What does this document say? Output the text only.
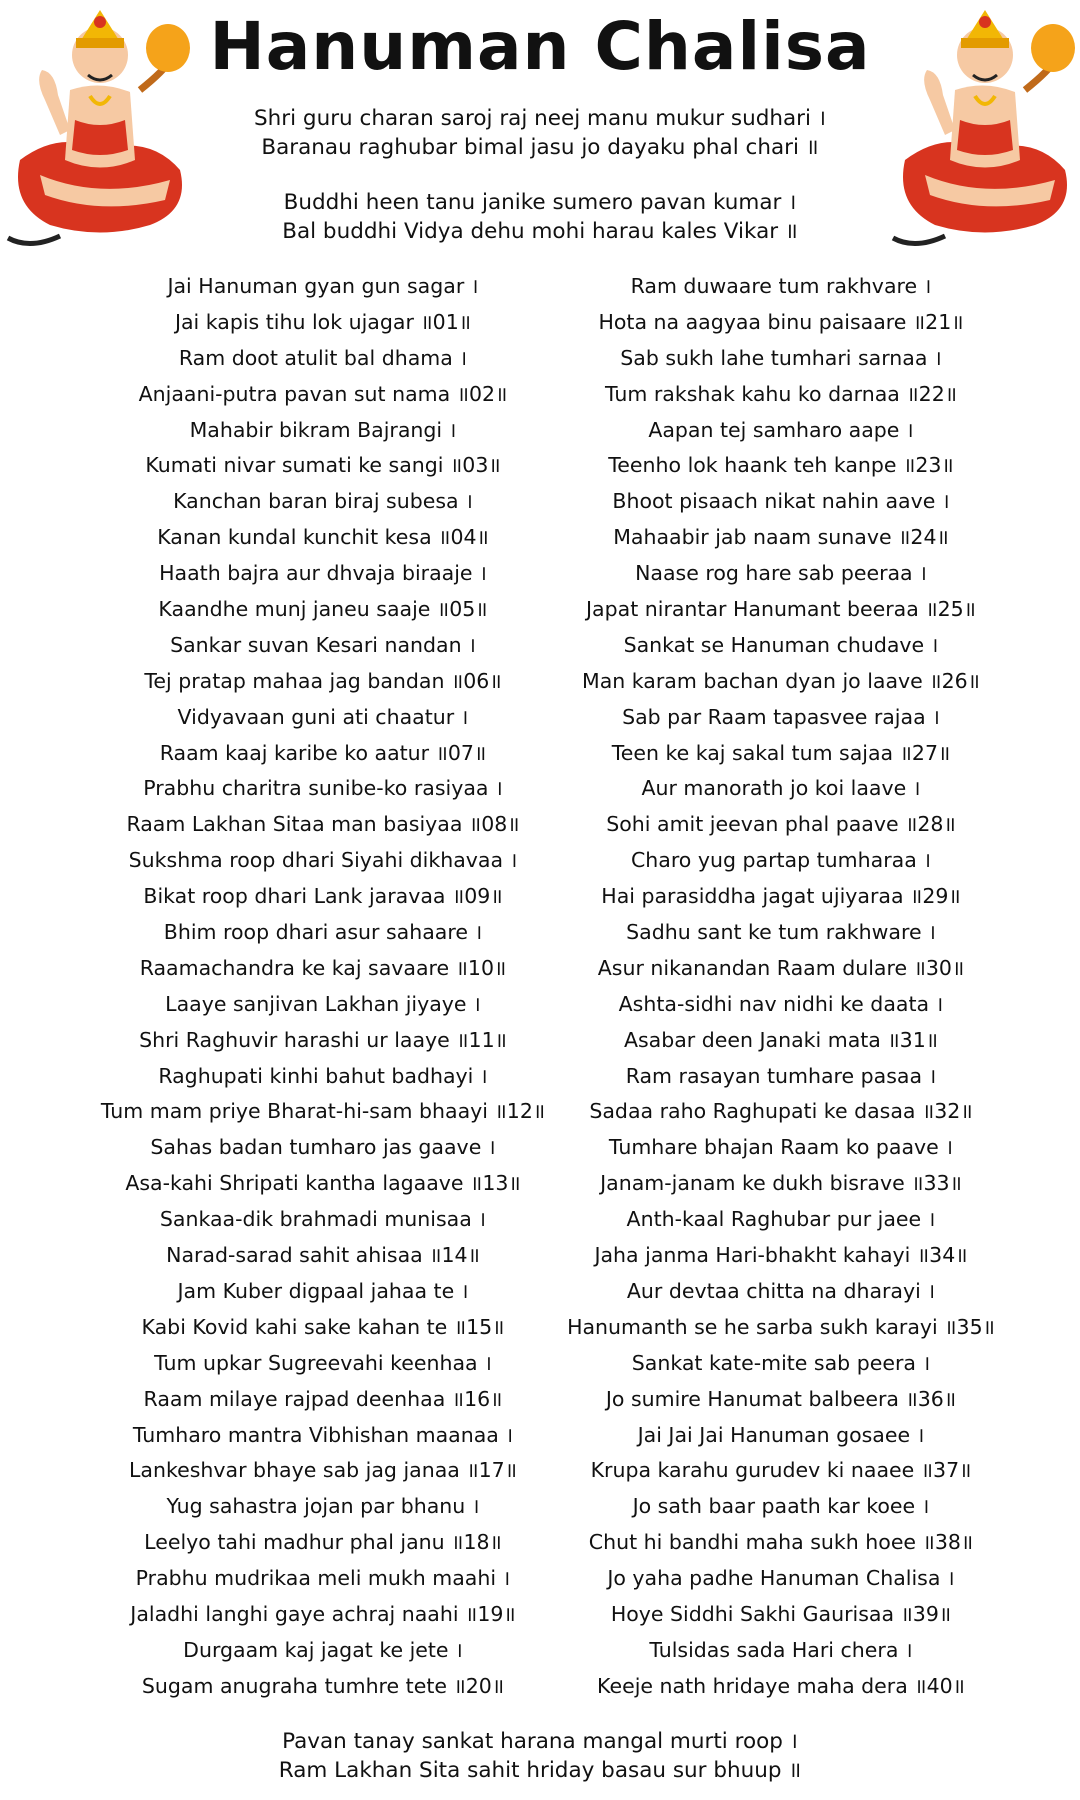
Hanuman Chalisa
Shri guru charan saroj raj neej manu mukur sudhari ।
Baranau raghubar bimal jasu jo dayaku phal chari ॥
Buddhi heen tanu janike sumero pavan kumar ।
Bal buddhi Vidya dehu mohi harau kales Vikar ॥
Jai Hanuman gyan gun sagar ।
Jai kapis tihu lok ujagar ॥01॥
Ram doot atulit bal dhama ।
Anjaani-putra pavan sut nama ॥02॥
Mahabir bikram Bajrangi ।
Kumati nivar sumati ke sangi ॥03॥
Kanchan baran biraj subesa ।
Kanan kundal kunchit kesa ॥04॥
Haath bajra aur dhvaja biraaje ।
Kaandhe munj janeu saaje ॥05॥
Sankar suvan Kesari nandan ।
Tej pratap mahaa jag bandan ॥06॥
Vidyavaan guni ati chaatur ।
Raam kaaj karibe ko aatur ॥07॥
Prabhu charitra sunibe-ko rasiyaa ।
Raam Lakhan Sitaa man basiyaa ॥08॥
Sukshma roop dhari Siyahi dikhavaa ।
Bikat roop dhari Lank jaravaa ॥09॥
Bhim roop dhari asur sahaare ।
Raamachandra ke kaj savaare ॥10॥
Laaye sanjivan Lakhan jiyaye ।
Shri Raghuvir harashi ur laaye ॥11॥
Raghupati kinhi bahut badhayi ।
Tum mam priye Bharat-hi-sam bhaayi ॥12॥
Sahas badan tumharo jas gaave ।
Asa-kahi Shripati kantha lagaave ॥13॥
Sankaa-dik brahmadi munisaa ।
Narad-sarad sahit ahisaa ॥14॥
Jam Kuber digpaal jahaa te ।
Kabi Kovid kahi sake kahan te ॥15॥
Tum upkar Sugreevahi keenhaa ।
Raam milaye rajpad deenhaa ॥16॥
Tumharo mantra Vibhishan maanaa ।
Lankeshvar bhaye sab jag janaa ॥17॥
Yug sahastra jojan par bhanu ।
Leelyo tahi madhur phal janu ॥18॥
Prabhu mudrikaa meli mukh maahi ।
Jaladhi langhi gaye achraj naahi ॥19॥
Durgaam kaj jagat ke jete ।
Sugam anugraha tumhre tete ॥20॥
Ram duwaare tum rakhvare ।
Hota na aagyaa binu paisaare ॥21॥
Sab sukh lahe tumhari sarnaa ।
Tum rakshak kahu ko darnaa ॥22॥
Aapan tej samharo aape ।
Teenho lok haank teh kanpe ॥23॥
Bhoot pisaach nikat nahin aave ।
Mahaabir jab naam sunave ॥24॥
Naase rog hare sab peeraa ।
Japat nirantar Hanumant beeraa ॥25॥
Sankat se Hanuman chudave ।
Man karam bachan dyan jo laave ॥26॥
Sab par Raam tapasvee rajaa ।
Teen ke kaj sakal tum sajaa ॥27॥
Aur manorath jo koi laave ।
Sohi amit jeevan phal paave ॥28॥
Charo yug partap tumharaa ।
Hai parasiddha jagat ujiyaraa ॥29॥
Sadhu sant ke tum rakhware ।
Asur nikanandan Raam dulare ॥30॥
Ashta-sidhi nav nidhi ke daata ।
Asabar deen Janaki mata ॥31॥
Ram rasayan tumhare pasaa ।
Sadaa raho Raghupati ke dasaa ॥32॥
Tumhare bhajan Raam ko paave ।
Janam-janam ke dukh bisrave ॥33॥
Anth-kaal Raghubar pur jaee ।
Jaha janma Hari-bhakht kahayi ॥34॥
Aur devtaa chitta na dharayi ।
Hanumanth se he sarba sukh karayi ॥35॥
Sankat kate-mite sab peera ।
Jo sumire Hanumat balbeera ॥36॥
Jai Jai Jai Hanuman gosaee ।
Krupa karahu gurudev ki naaee ॥37॥
Jo sath baar paath kar koee ।
Chut hi bandhi maha sukh hoee ॥38॥
Jo yaha padhe Hanuman Chalisa ।
Hoye Siddhi Sakhi Gaurisaa ॥39॥
Tulsidas sada Hari chera ।
Keeje nath hridaye maha dera ॥40॥
Pavan tanay sankat harana mangal murti roop ।
Ram Lakhan Sita sahit hriday basau sur bhuup ॥
